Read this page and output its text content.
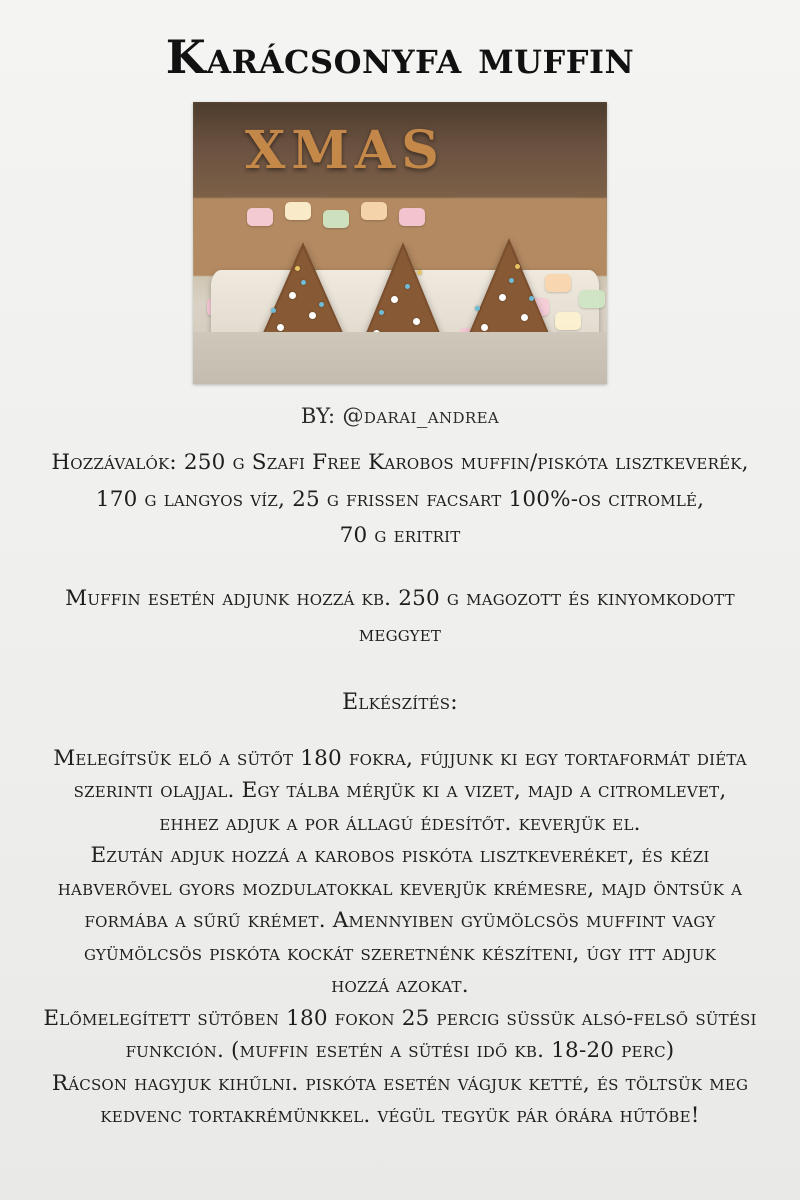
Karácsonyfa muffin
XMAS
BY: @darai_andrea

Hozzávalók: 250 g Szafi Free Karobos muffin/piskóta lisztkeverék,

170 g langyos víz, 25 g frissen facsart 100%-os citromlé,

70 g eritrit

Muffin esetén adjunk hozzá kb. 250 g magozott és kinyomkodott

meggyet

Elkészítés:

Melegítsük elő a sütőt 180 fokra, fújjunk ki egy tortaformát diéta

szerinti olajjal. Egy tálba mérjük ki a vizet, majd a citromlevet,

ehhez adjuk a por állagú édesítőt. keverjük el.

Ezután adjuk hozzá a karobos piskóta lisztkeveréket, és kézi

habverővel gyors mozdulatokkal keverjük krémesre, majd öntsük a

formába a sűrű krémet. Amennyiben gyümölcsös muffint vagy

gyümölcsös piskóta kockát szeretnénk készíteni, úgy itt adjuk

hozzá azokat.

Előmelegített sütőben 180 fokon 25 percig süssük alsó-felső sütési

funkción. (muffin esetén a sütési idő kb. 18-20 perc)

Rácson hagyjuk kihűlni. piskóta esetén vágjuk ketté, és töltsük meg

kedvenc tortakrémünkkel. végül tegyük pár órára hűtőbe!
